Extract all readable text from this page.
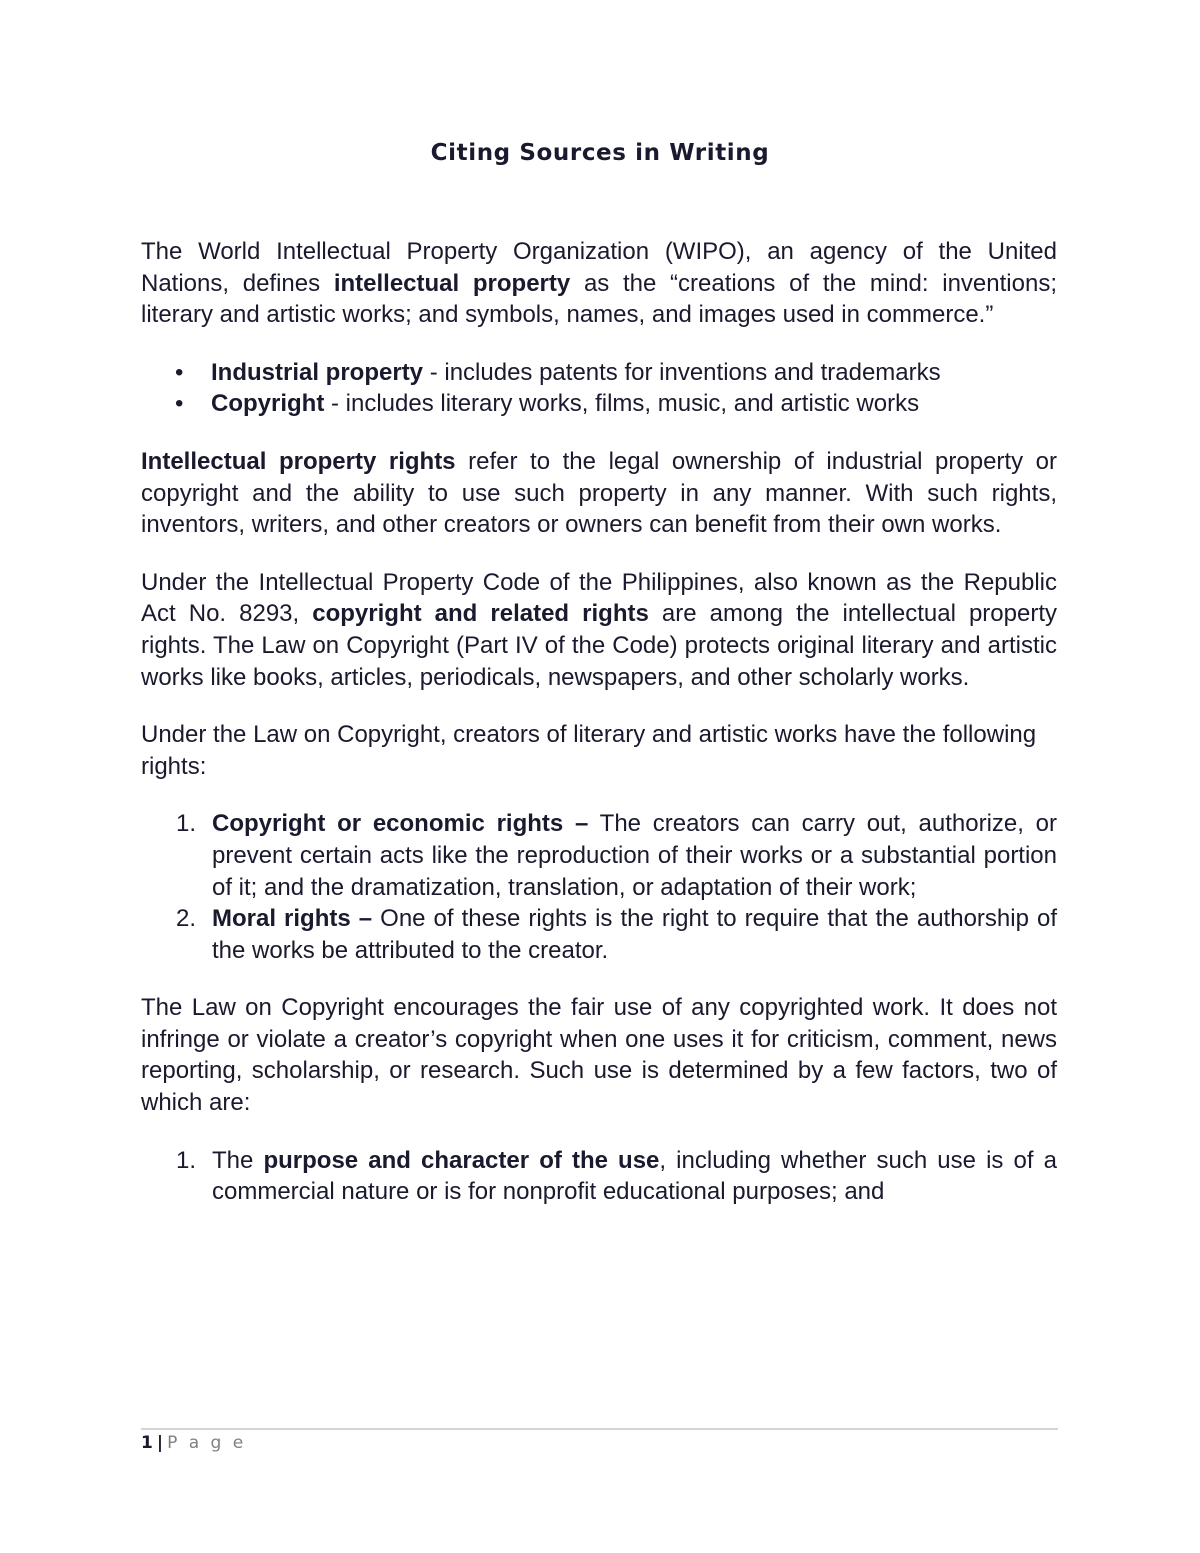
Citing Sources in Writing

The World Intellectual Property Organization (WIPO), an agency of the United Nations, defines intellectual property as the “creations of the mind: inventions; literary and artistic works; and symbols, names, and images used in commerce.”

• Industrial property - includes patents for inventions and trademarks
• Copyright - includes literary works, films, music, and artistic works

Intellectual property rights refer to the legal ownership of industrial property or copyright and the ability to use such property in any manner. With such rights, inventors, writers, and other creators or owners can benefit from their own works.

Under the Intellectual Property Code of the Philippines, also known as the Republic Act No. 8293, copyright and related rights are among the intellectual property rights. The Law on Copyright (Part IV of the Code) protects original literary and artistic works like books, articles, periodicals, newspapers, and other scholarly works.

Under the Law on Copyright, creators of literary and artistic works have the following rights:

1. Copyright or economic rights – The creators can carry out, authorize, or prevent certain acts like the reproduction of their works or a substantial portion of it; and the dramatization, translation, or adaptation of their work;
2. Moral rights – One of these rights is the right to require that the authorship of the works be attributed to the creator.

The Law on Copyright encourages the fair use of any copyrighted work. It does not infringe or violate a creator’s copyright when one uses it for criticism, comment, news reporting, scholarship, or research. Such use is determined by a few factors, two of which are:

1. The purpose and character of the use, including whether such use is of a commercial nature or is for nonprofit educational purposes; and
1 | P a g e
